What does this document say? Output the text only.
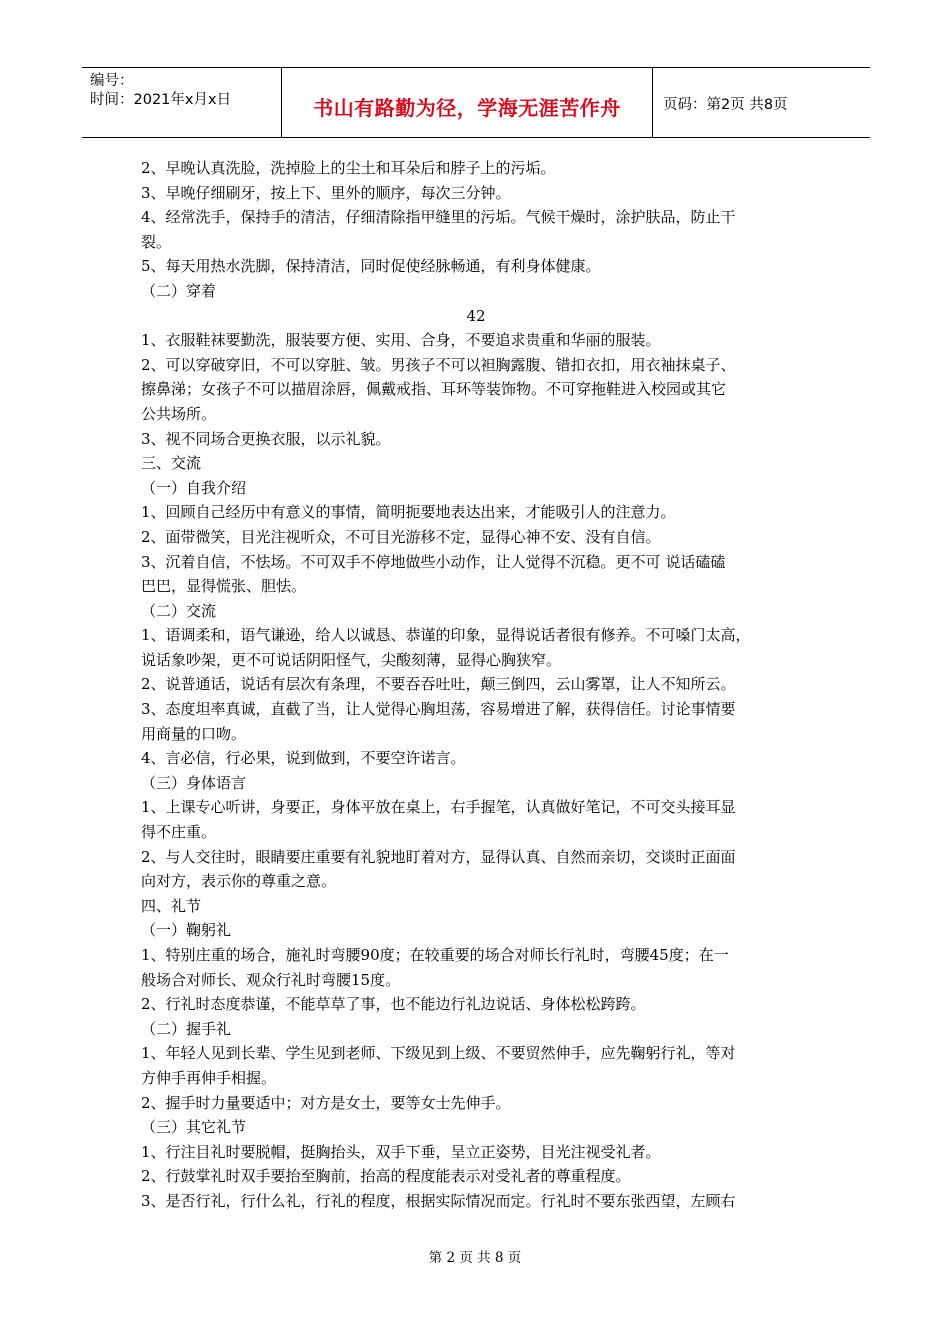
编号：
时间：2021年x月x日	书山有路勤为径，学海无涯苦作舟	页码：第2页 共8页

2、早晚认真洗脸，洗掉脸上的尘土和耳朵后和脖子上的污垢。

3、早晚仔细刷牙，按上下、里外的顺序，每次三分钟。

4、经常洗手，保持手的清洁，仔细清除指甲缝里的污垢。气候干燥时，涂护肤品，防止干

裂。

5、每天用热水洗脚，保持清洁，同时促使经脉畅通，有利身体健康。

（二）穿着

42

1、衣服鞋袜要勤洗，服装要方便、实用、合身，不要追求贵重和华丽的服装。

2、可以穿破穿旧，不可以穿脏、皱。男孩子不可以袒胸露腹、错扣衣扣，用衣袖抹桌子、

擦鼻涕；女孩子不可以描眉涂唇，佩戴戒指、耳环等装饰物。不可穿拖鞋进入校园或其它

公共场所。

3、视不同场合更换衣服，以示礼貌。

三、交流

（一）自我介绍

1、回顾自己经历中有意义的事情，简明扼要地表达出来，才能吸引人的注意力。

2、面带微笑，目光注视听众，不可目光游移不定，显得心神不安、没有自信。

3、沉着自信，不怯场。不可双手不停地做些小动作，让人觉得不沉稳。更不可 说话磕磕

巴巴，显得慌张、胆怯。

（二）交流

1、语调柔和，语气谦逊，给人以诚恳、恭谨的印象，显得说话者很有修养。不可嗓门太高，

说话象吵架，更不可说话阴阳怪气，尖酸刻薄，显得心胸狭窄。

2、说普通话，说话有层次有条理，不要吞吞吐吐，颠三倒四，云山雾罩，让人不知所云。

3、态度坦率真诚，直截了当，让人觉得心胸坦荡，容易增进了解，获得信任。讨论事情要

用商量的口吻。

4、言必信，行必果，说到做到，不要空许诺言。

（三）身体语言

1、上课专心听讲，身要正，身体平放在桌上，右手握笔，认真做好笔记，不可交头接耳显

得不庄重。

2、与人交往时，眼睛要庄重要有礼貌地盯着对方，显得认真、自然而亲切，交谈时正面面

向对方，表示你的尊重之意。

四、礼节

（一）鞠躬礼

1、特别庄重的场合，施礼时弯腰90度；在较重要的场合对师长行礼时，弯腰45度；在一

般场合对师长、观众行礼时弯腰15度。

2、行礼时态度恭谨，不能草草了事，也不能边行礼边说话、身体松松跨跨。

（二）握手礼

1、年轻人见到长辈、学生见到老师、下级见到上级、不要贸然伸手，应先鞠躬行礼，等对

方伸手再伸手相握。

2、握手时力量要适中；对方是女士，要等女士先伸手。

（三）其它礼节

1、行注目礼时要脱帽，挺胸抬头，双手下垂，呈立正姿势，目光注视受礼者。

2、行鼓掌礼时双手要抬至胸前，抬高的程度能表示对受礼者的尊重程度。

3、是否行礼，行什么礼，行礼的程度，根据实际情况而定。行礼时不要东张西望，左顾右

第 2 页 共 8 页
